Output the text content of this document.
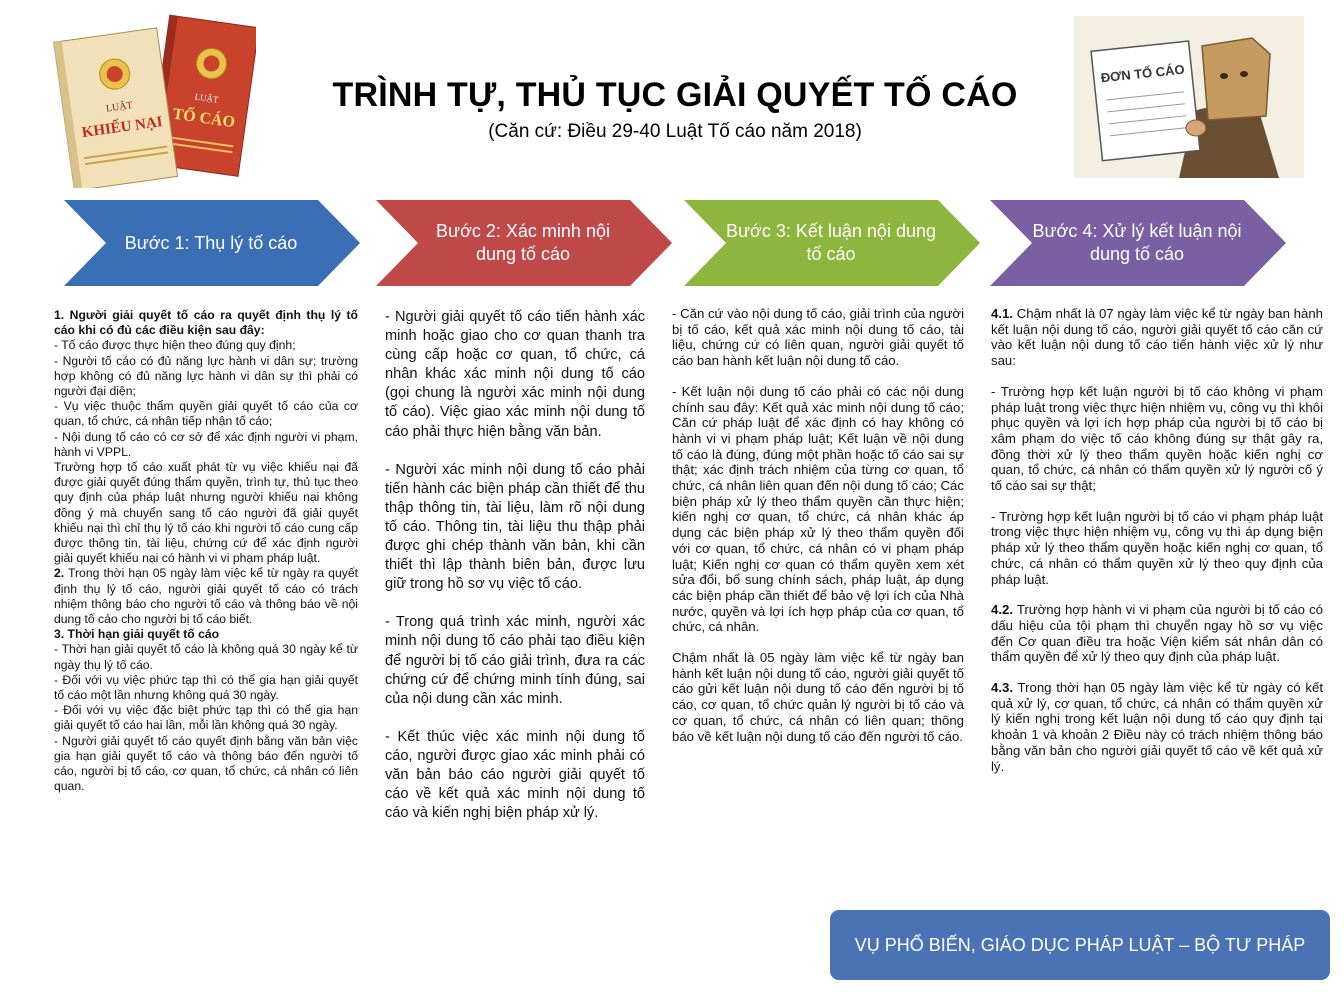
LUẬT
TỐ CÁO
LUẬT
KHIẾU NẠI
ĐƠN TỐ CÁO
TRÌNH TỰ, THỦ TỤC GIẢI QUYẾT TỐ CÁO
(Căn cứ: Điều 29-40 Luật Tố cáo năm 2018)
Bước 1: Thụ lý tố cáo
Bước 2: Xác minh nội dung tố cáo
Bước 3: Kết luận nội dung tố cáo
Bước 4: Xử lý kết luận nội dung tố cáo

1. Người giải quyết tố cáo ra quyết định thụ lý tố cáo khi có đủ các điều kiện sau đây:

- Tố cáo được thực hiện theo đúng quy định;

- Người tố cáo có đủ năng lực hành vi dân sự; trường hợp không có đủ năng lực hành vi dân sự thì phải có người đại diện;

- Vụ việc thuộc thẩm quyền giải quyết tố cáo của cơ quan, tổ chức, cá nhân tiếp nhận tố cáo;

- Nội dung tố cáo có cơ sở để xác định người vi phạm, hành vi VPPL.

Trường hợp tố cáo xuất phát từ vụ việc khiếu nại đã được giải quyết đúng thẩm quyền, trình tự, thủ tục theo quy định của pháp luật nhưng người khiếu nại không đồng ý mà chuyển sang tố cáo người đã giải quyết khiếu nại thì chỉ thụ lý tố cáo khi người tố cáo cung cấp được thông tin, tài liệu, chứng cứ để xác định người giải quyết khiếu nại có hành vi vi phạm pháp luật.

2. Trong thời hạn 05 ngày làm việc kể từ ngày ra quyết định thụ lý tố cáo, người giải quyết tố cáo có trách nhiệm thông báo cho người tố cáo và thông báo về nội dung tố cáo cho người bị tố cáo biết.

3. Thời hạn giải quyết tố cáo

- Thời hạn giải quyết tố cáo là không quá 30 ngày kể từ ngày thụ lý tố cáo.

- Đối với vụ việc phức tạp thì có thể gia hạn giải quyết tố cáo một lần nhưng không quá 30 ngày.

- Đối với vụ việc đặc biệt phức tạp thì có thể gia hạn giải quyết tố cáo hai lần, mỗi lần không quá 30 ngày.

- Người giải quyết tố cáo quyết định bằng văn bản việc gia hạn giải quyết tố cáo và thông báo đến người tố cáo, người bị tố cáo, cơ quan, tổ chức, cá nhân có liên quan.

- Người giải quyết tố cáo tiến hành xác minh hoặc giao cho cơ quan thanh tra cùng cấp hoặc cơ quan, tổ chức, cá nhân khác xác minh nội dung tố cáo (gọi chung là người xác minh nội dung tố cáo). Việc giao xác minh nội dung tố cáo phải thực hiện bằng văn bản.

- Người xác minh nội dung tố cáo phải tiến hành các biện pháp cần thiết để thu thập thông tin, tài liệu, làm rõ nội dung tố cáo. Thông tin, tài liệu thu thập phải được ghi chép thành văn bản, khi cần thiết thì lập thành biên bản, được lưu giữ trong hồ sơ vụ việc tố cáo.

- Trong quá trình xác minh, người xác minh nội dung tố cáo phải tạo điều kiện để người bị tố cáo giải trình, đưa ra các chứng cứ để chứng minh tính đúng, sai của nội dung cần xác minh.

- Kết thúc việc xác minh nội dung tố cáo, người được giao xác minh phải có văn bản báo cáo người giải quyết tố cáo về kết quả xác minh nội dung tố cáo và kiến nghị biện pháp xử lý.

- Căn cứ vào nội dung tố cáo, giải trình của người bị tố cáo, kết quả xác minh nội dung tố cáo, tài liệu, chứng cứ có liên quan, người giải quyết tố cáo ban hành kết luận nội dung tố cáo.

- Kết luận nội dung tố cáo phải có các nội dung chính sau đây: Kết quả xác minh nội dung tố cáo; Căn cứ pháp luật để xác định có hay không có hành vi vi phạm pháp luật; Kết luận về nội dung tố cáo là đúng, đúng một phần hoặc tố cáo sai sự thật; xác định trách nhiệm của từng cơ quan, tổ chức, cá nhân liên quan đến nội dung tố cáo; Các biện pháp xử lý theo thẩm quyền cần thực hiện; kiến nghị cơ quan, tổ chức, cá nhân khác áp dụng các biện pháp xử lý theo thẩm quyền đối với cơ quan, tổ chức, cá nhân có vi phạm pháp luật; Kiến nghị cơ quan có thẩm quyền xem xét sửa đổi, bổ sung chính sách, pháp luật, áp dụng các biện pháp cần thiết để bảo vệ lợi ích của Nhà nước, quyền và lợi ích hợp pháp của cơ quan, tổ chức, cá nhân.

Chậm nhất là 05 ngày làm việc kể từ ngày ban hành kết luận nội dung tố cáo, người giải quyết tố cáo gửi kết luận nội dung tố cáo đến người bị tố cáo, cơ quan, tổ chức quản lý người bị tố cáo và cơ quan, tổ chức, cá nhân có liên quan; thông báo về kết luận nội dung tố cáo đến người tố cáo.

4.1. Chậm nhất là 07 ngày làm việc kể từ ngày ban hành kết luận nội dung tố cáo, người giải quyết tố cáo căn cứ vào kết luận nội dung tố cáo tiến hành việc xử lý như sau:

- Trường hợp kết luận người bị tố cáo không vi phạm pháp luật trong việc thực hiện nhiệm vụ, công vụ thì khôi phục quyền và lợi ích hợp pháp của người bị tố cáo bị xâm phạm do việc tố cáo không đúng sự thật gây ra, đồng thời xử lý theo thẩm quyền hoặc kiến nghị cơ quan, tổ chức, cá nhân có thẩm quyền xử lý người cố ý tố cáo sai sự thật;

- Trường hợp kết luận người bị tố cáo vi phạm pháp luật trong việc thực hiện nhiệm vụ, công vụ thì áp dụng biện pháp xử lý theo thẩm quyền hoặc kiến nghị cơ quan, tổ chức, cá nhân có thẩm quyền xử lý theo quy định của pháp luật.

4.2. Trường hợp hành vi vi phạm của người bị tố cáo có dấu hiệu của tội phạm thì chuyển ngay hồ sơ vụ việc đến Cơ quan điều tra hoặc Viện kiểm sát nhân dân có thẩm quyền để xử lý theo quy định của pháp luật.

4.3. Trong thời hạn 05 ngày làm việc kể từ ngày có kết quả xử lý, cơ quan, tổ chức, cá nhân có thẩm quyền xử lý kiến nghị trong kết luận nội dung tố cáo quy định tại khoản 1 và khoản 2 Điều này có trách nhiệm thông báo bằng văn bản cho người giải quyết tố cáo về kết quả xử lý.

VỤ PHỔ BIẾN, GIÁO DỤC PHÁP LUẬT – BỘ TƯ PHÁP
